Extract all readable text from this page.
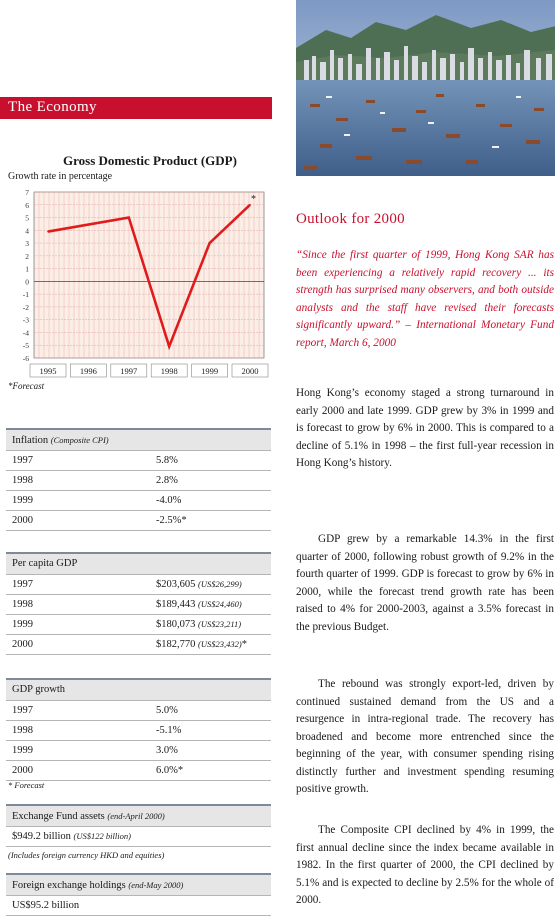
The Economy
Gross Domestic Product (GDP)
Growth rate in percentage
7
6
5
4
3
2
1
0
-1
-2
-3
-4
-5
-6
1995	1996	1997	1998	1999	2000
*
*Forecast
Inflation (Composite CPI)
1997	5.8%
1998	2.8%
1999	-4.0%
2000	-2.5%*
Per capita GDP
1997	$203,605 (US$26,299)
1998	$189,443 (US$24,460)
1999	$180,073 (US$23,211)
2000	$182,770 (US$23,432)*
GDP growth
1997	5.0%
1998	-5.1%
1999	3.0%
2000	6.0%*
* Forecast
Exchange Fund assets (end-April 2000)
$949.2 billion (US$122 billion)
(Includes foreign currency HKD and equities)
Foreign exchange holdings (end-May 2000)
US$95.2 billion
Outlook for 2000
“Since the first quarter of 1999, Hong Kong SAR has been experiencing a relatively rapid recovery ... its strength has surprised many observers, and both outside analysts and the staff have revised their forecasts significantly upward.” – International Monetary Fund report, March 6, 2000
Hong Kong’s economy staged a strong turnaround in early 2000 and late 1999. GDP grew by 3% in 1999 and is forecast to grow by 6% in 2000. This is compared to a decline of 5.1% in 1998 – the first full-year recession in Hong Kong’s history.
GDP grew by a remarkable 14.3% in the first quarter of 2000, following robust growth of 9.2% in the fourth quarter of 1999. GDP is forecast to grow by 6% in 2000, while the forecast trend growth rate has been raised to 4% for 2000-2003, against a 3.5% forecast in the previous Budget.
The rebound was strongly export-led, driven by continued sustained demand from the US and a resurgence in intra-regional trade. The recovery has broadened and become more entrenched since the beginning of the year, with consumer spending rising distinctly further and investment spending resuming positive growth.
The Composite CPI declined by 4% in 1999, the first annual decline since the index became available in 1982. In the first quarter of 2000, the CPI declined by 5.1% and is expected to decline by 2.5% for the whole of 2000.
